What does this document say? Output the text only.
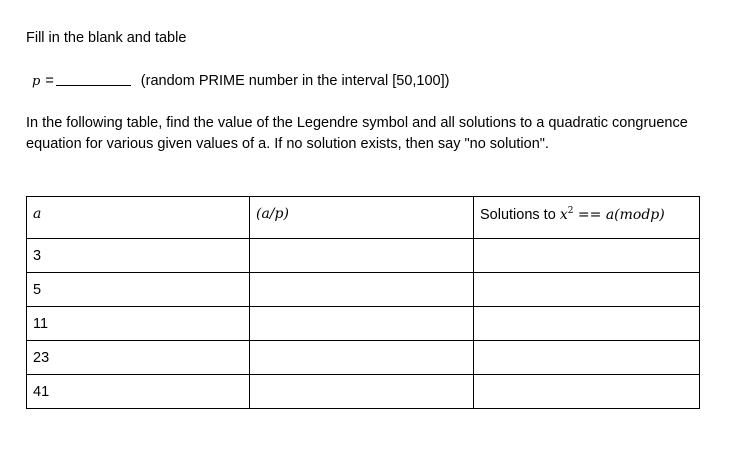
Fill in the blank and table
p =	(random PRIME number in the interval [50,100])

In the following table, find the value of the Legendre symbol and all solutions to a quadratic congruence equation for various given values of a. If no solution exists, then say "no solution".

a	(a/p)	Solutions to $x^2$ == a(modp)
3		
5		
11		
23		
41		
